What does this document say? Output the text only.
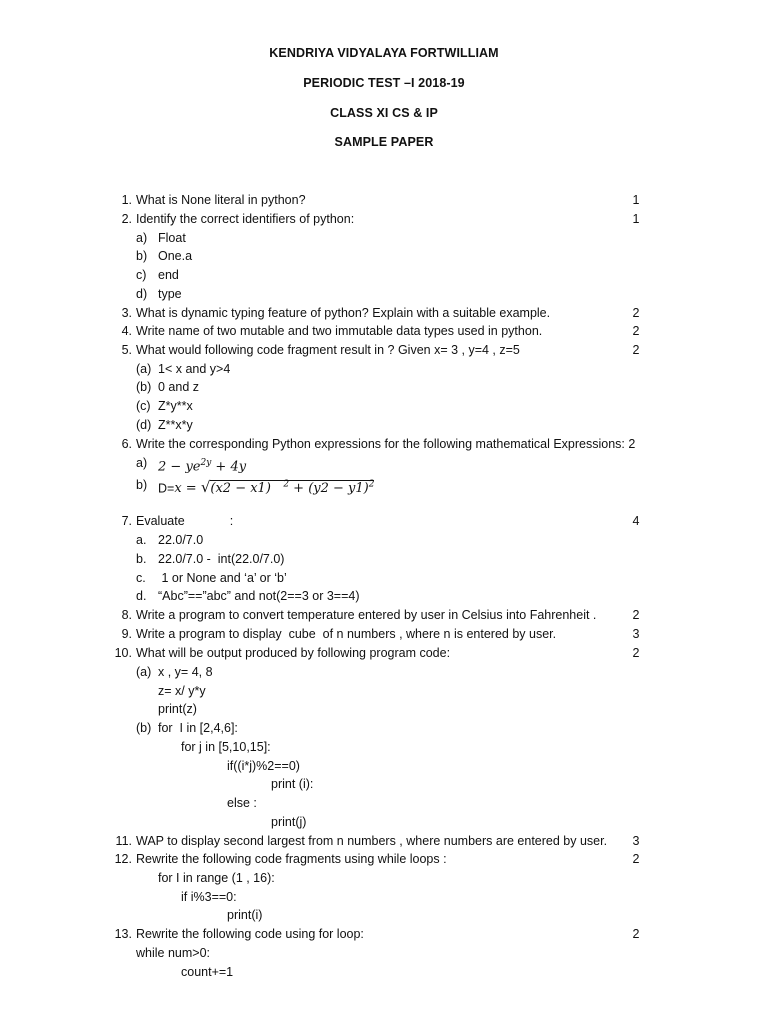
KENDRIYA VIDYALAYA FORTWILLIAM
PERIODIC TEST –I 2018-19
CLASS XI CS & IP
SAMPLE PAPER
1. What is None literal in python?	1
2. Identify the correct identifiers of python:	1
a) Float
b) One.a
c) end
d) type
3. What is dynamic typing feature of python? Explain with a suitable example.	2
4. Write name of two mutable and two immutable data types used in python.	2
5. What would following code fragment result in ? Given x= 3 , y=4 , z=5	2
(a) 1< x and y>4
(b) 0 and z
(c) Z*y**x
(d) Z**x*y
6. Write the corresponding Python expressions for the following mathematical Expressions: 2
a) $2 - ye^{2y} + 4y$
b) D=x = √(x2 − x1) $^2 + (y2 - y1)^2$
7. Evaluate             :	4
a. 22.0/7.0
b. 22.0/7.0 -  int(22.0/7.0)
c. 1 or None and ‘a’ or ‘b’
d. “Abc”==”abc” and not(2==3 or 3==4)
8. Write a program to convert temperature entered by user in Celsius into Fahrenheit .	2
9. Write a program to display  cube  of n numbers , where n is entered by user.	3
10. What will be output produced by following program code:	2
(a) x , y= 4, 8
z= x/ y*y
print(z)
(b) for  I in [2,4,6]:
for j in [5,10,15]:
if((i*j)%2==0)
print (i):
else :
print(j)
11. WAP to display second largest from n numbers , where numbers are entered by user.	3
12. Rewrite the following code fragments using while loops :	2
for I in range (1 , 16):
if i%3==0:
print(i)
13. Rewrite the following code using for loop:	2
while num>0:
count+=1
